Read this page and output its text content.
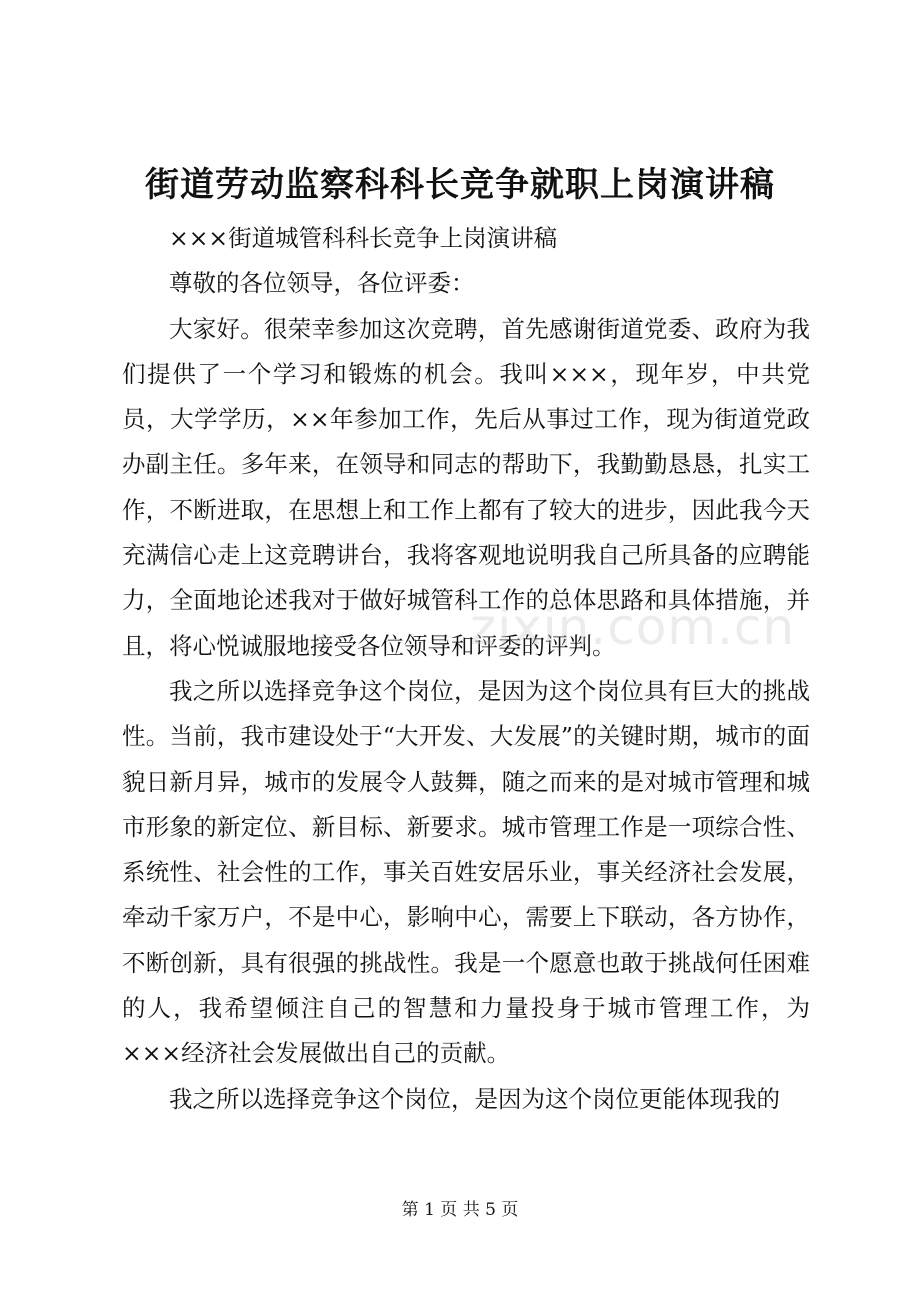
街道劳动监察科科长竞争就职上岗演讲稿

×××街道城管科科长竞争上岗演讲稿

尊敬的各位领导，各位评委：

大家好。很荣幸参加这次竞聘，首先感谢街道党委、政府为我们提供了一个学习和锻炼的机会。我叫×××，现年岁，中共党员，大学学历，××年参加工作，先后从事过工作，现为街道党政办副主任。多年来，在领导和同志的帮助下，我勤勤恳恳，扎实工作，不断进取，在思想上和工作上都有了较大的进步，因此我今天充满信心走上这竞聘讲台，我将客观地说明我自己所具备的应聘能力，全面地论述我对于做好城管科工作的总体思路和具体措施，并且，将心悦诚服地接受各位领导和评委的评判。

我之所以选择竞争这个岗位，是因为这个岗位具有巨大的挑战性。当前，我市建设处于“大开发、大发展”的关键时期，城市的面貌日新月异，城市的发展令人鼓舞，随之而来的是对城市管理和城市形象的新定位、新目标、新要求。城市管理工作是一项综合性、系统性、社会性的工作，事关百姓安居乐业，事关经济社会发展，牵动千家万户，不是中心，影响中心，需要上下联动，各方协作，不断创新，具有很强的挑战性。我是一个愿意也敢于挑战何任困难的人，我希望倾注自己的智慧和力量投身于城市管理工作，为×××经济社会发展做出自己的贡献。

我之所以选择竞争这个岗位，是因为这个岗位更能体现我的

zixin.com.cn
第 1 页 共 5 页
